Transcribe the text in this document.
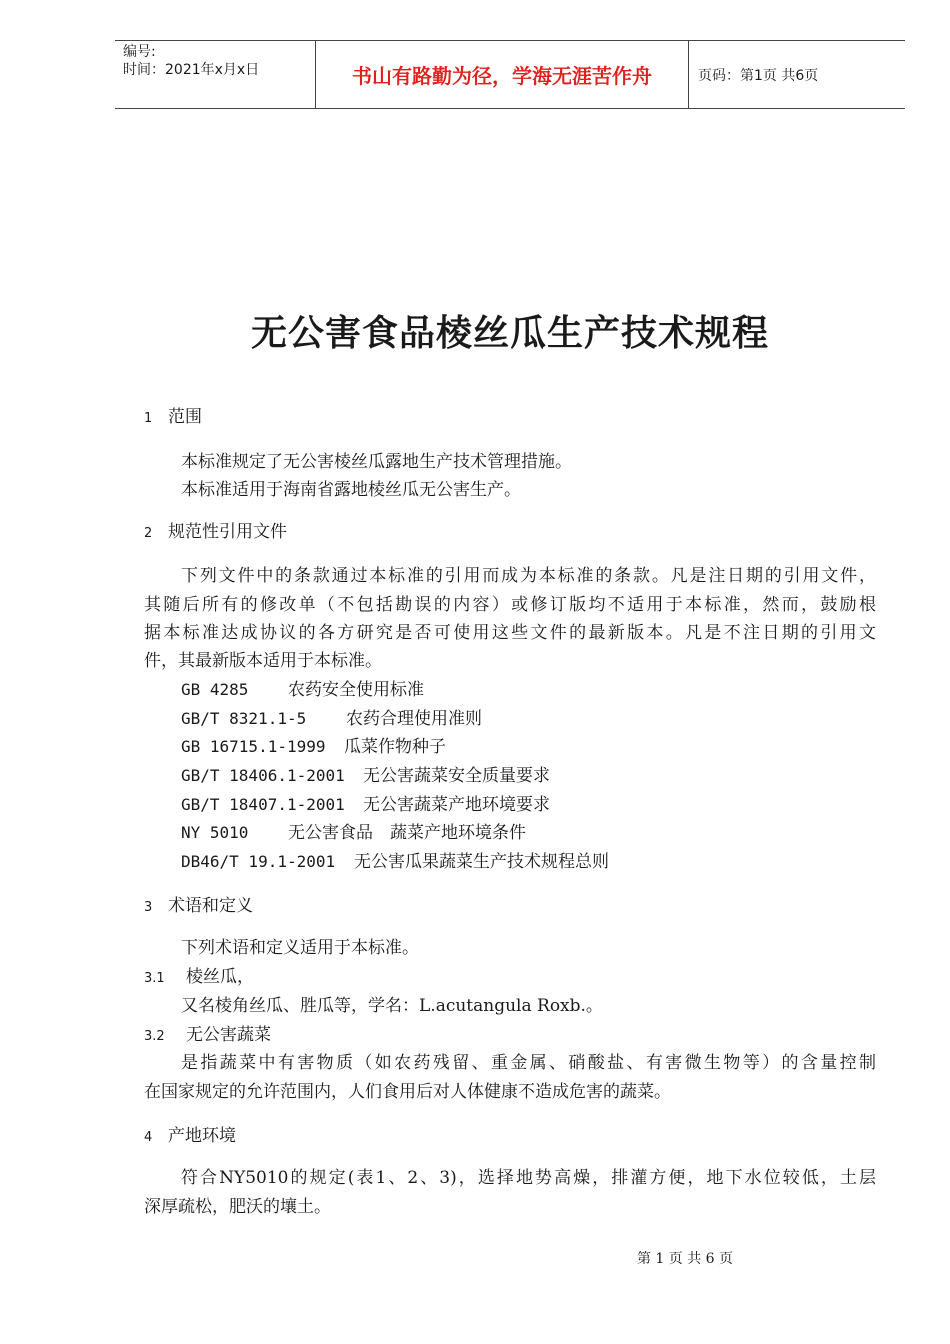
编号:
时间：2021年x月x日	书山有路勤为径，学海无涯苦作舟	页码：第1页 共6页
无公害食品棱丝瓜生产技术规程
1 范围
本标准规定了无公害棱丝瓜露地生产技术管理措施。
本标准适用于海南省露地棱丝瓜无公害生产。
2 规范性引用文件
下列文件中的条款通过本标准的引用而成为本标准的条款。凡是注日期的引用文件，
其随后所有的修改单（不包括勘误的内容）或修订版均不适用于本标准，然而，鼓励根
据本标准达成协议的各方研究是否可使用这些文件的最新版本。凡是不注日期的引用文
件，其最新版本适用于本标准。
GB 4285 农药安全使用标准
GB/T 8321.1-5 农药合理使用准则
GB 16715.1-1999 瓜菜作物种子
GB/T 18406.1-2001 无公害蔬菜安全质量要求
GB/T 18407.1-2001 无公害蔬菜产地环境要求
NY 5010 无公害食品　蔬菜产地环境条件
DB46/T 19.1-2001 无公害瓜果蔬菜生产技术规程总则
3 术语和定义
下列术语和定义适用于本标准。
3.1 棱丝瓜，
又名棱角丝瓜、胜瓜等，学名：L.acutangula Roxb.。
3.2 无公害蔬菜
是指蔬菜中有害物质（如农药残留、重金属、硝酸盐、有害微生物等）的含量控制
在国家规定的允许范围内，人们食用后对人体健康不造成危害的蔬菜。
4 产地环境
符合NY5010的规定(表1、2、3)，选择地势高燥，排灌方便，地下水位较低，土层
深厚疏松，肥沃的壤土。
第 1 页 共 6 页
